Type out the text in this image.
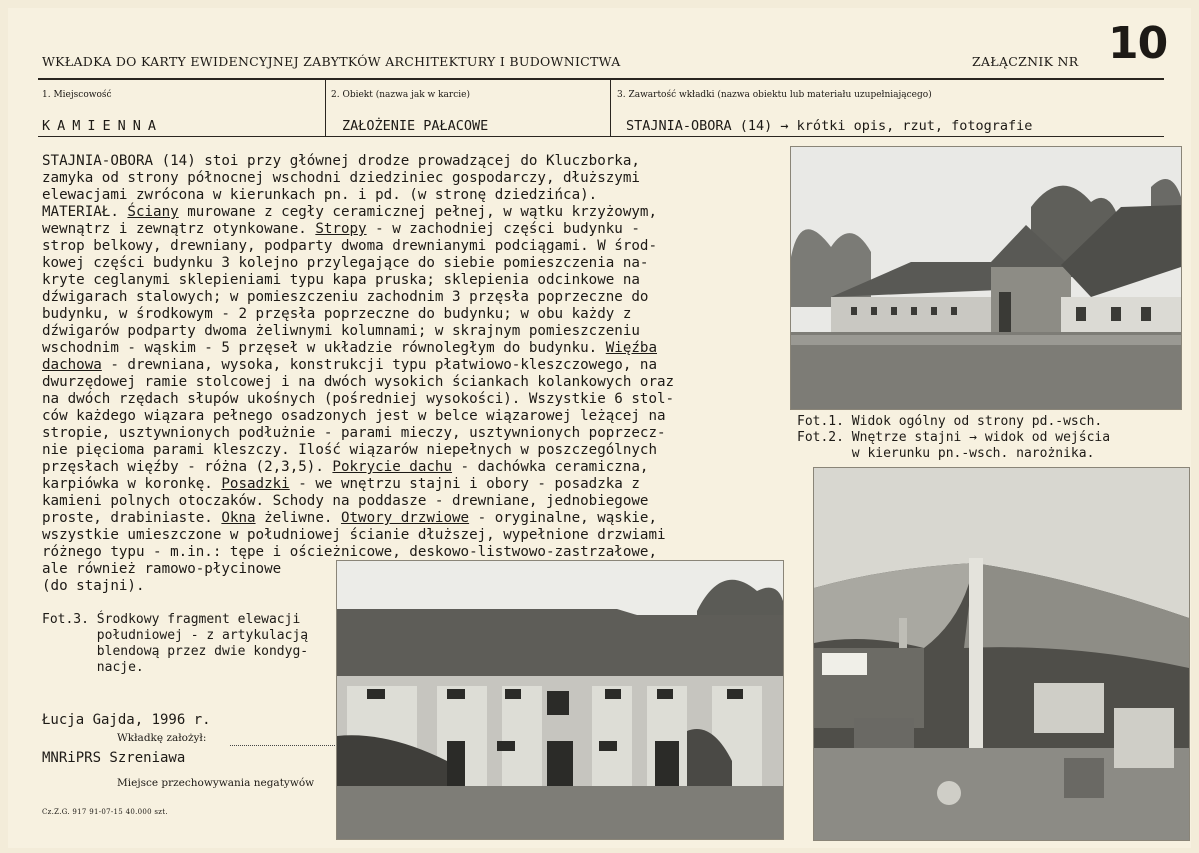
WKŁADKA DO KARTY EWIDENCYJNEJ ZABYTKÓW ARCHITEKTURY I BUDOWNICTWA	ZAŁĄCZNIK NR 10
1. Miejscowość
KAMIENNA
2. Obiekt (nazwa jak w karcie)
ZAŁOŻENIE PAŁACOWE
3. Zawartość wkładki (nazwa obiektu lub materiału uzupełniającego)
STAJNIA-OBORA (14) → krótki opis, rzut, fotografie
STAJNIA-OBORA (14) stoi przy głównej drodze prowadzącej do Kluczborka,
zamyka od strony północnej wschodni dziedziniec gospodarczy, dłuższymi
elewacjami zwrócona w kierunkach pn. i pd. (w stronę dziedzińca).
MATERIAŁ. Ściany murowane z cegły ceramicznej pełnej, w wątku krzyżowym,
wewnątrz i zewnątrz otynkowane. Stropy - w zachodniej części budynku -
strop belkowy, drewniany, podparty dwoma drewnianymi podciągami. W środ-
kowej części budynku 3 kolejno przylegające do siebie pomieszczenia na-
kryte ceglanymi sklepieniami typu kapa pruska; sklepienia odcinkowe na
dźwigarach stalowych; w pomieszczeniu zachodnim 3 przęsła poprzeczne do
budynku, w środkowym - 2 przęsła poprzeczne do budynku; w obu każdy z
dźwigarów podparty dwoma żeliwnymi kolumnami; w skrajnym pomieszczeniu
wschodnim - wąskim - 5 przęseł w układzie równoległym do budynku. Więźba
dachowa - drewniana, wysoka, konstrukcji typu płatwiowo-kleszczowego, na
dwurzędowej ramie stolcowej i na dwóch wysokich ściankach kolankowych oraz
na dwóch rzędach słupów ukośnych (pośredniej wysokości). Wszystkie 6 stol-
ców każdego wiązara pełnego osadzonych jest w belce wiązarowej leżącej na
stropie, usztywnionych podłużnie - parami mieczy, usztywnionych poprzecz-
nie pięcioma parami kleszczy. Ilość wiązarów niepełnych w poszczególnych
przęsłach więźby - różna (2,3,5). Pokrycie dachu - dachówka ceramiczna,
karpiówka w koronkę. Posadzki - we wnętrzu stajni i obory - posadzka z
kamieni polnych otoczaków. Schody na poddasze - drewniane, jednobiegowe
proste, drabiniaste. Okna żeliwne. Otwory drzwiowe - oryginalne, wąskie,
wszystkie umieszczone w południowej ścianie dłuższej, wypełnione drzwiami
różnego typu - m.in.: tępe i ościeżnicowe, deskowo-listwowo-zastrzałowe,
ale również ramowo-płycinowe
(do stajni).
Fot.1. Widok ogólny od strony pd.-wsch.
Fot.2. Wnętrze stajni → widok od wejścia
w kierunku pn.-wsch. narożnika.
Fot.3. Środkowy fragment elewacji
południowej - z artykulacją
blendową przez dwie kondyg-
nacje.
Łucja Gajda, 1996 r.
Wkładkę założył:
MNRiPRS Szreniawa
Miejsce przechowywania negatywów
Cz.Z.G. 917 91-07-15 40.000 szt.
